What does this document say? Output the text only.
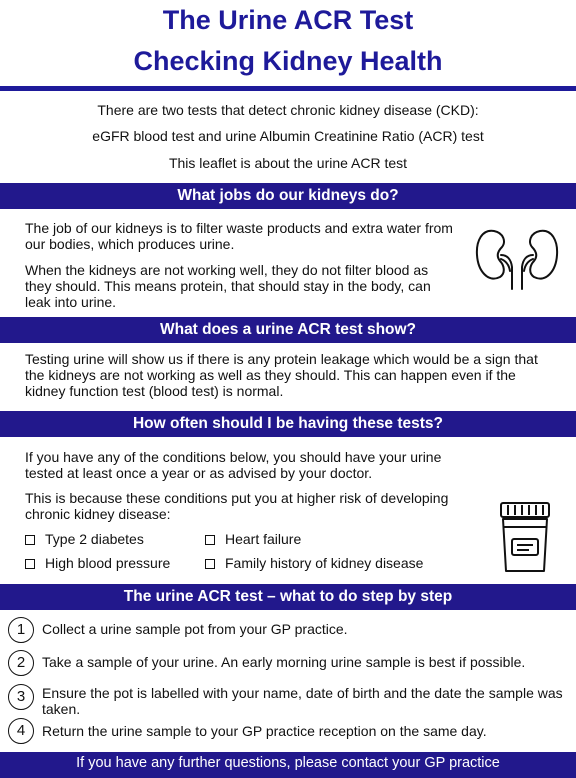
The Urine ACR Test
Checking Kidney Health
There are two tests that detect chronic kidney disease (CKD):
eGFR blood test and urine Albumin Creatinine Ratio (ACR) test
This leaflet is about the urine ACR test
What jobs do our kidneys do?
The job of our kidneys is to filter waste products and extra water from our bodies, which produces urine.
When the kidneys are not working well, they do not filter blood as they should. This means protein, that should stay in the body, can leak into urine.
What does a urine ACR test show?
Testing urine will show us if there is any protein leakage which would be a sign that the kidneys are not working as well as they should. This can happen even if the kidney function test (blood test) is normal.
How often should I be having these tests?
If you have any of the conditions below, you should have your urine tested at least once a year or as advised by your doctor.
This is because these conditions put you at higher risk of developing chronic kidney disease:
Type 2 diabetes	Heart failure
High blood pressure	Family history of kidney disease
The urine ACR test – what to do step by step
1	Collect a urine sample pot from your GP practice.
2	Take a sample of your urine. An early morning urine sample is best if possible.
3	Ensure the pot is labelled with your name, date of birth and the date the sample was taken.
4	Return the urine sample to your GP practice reception on the same day.
If you have any further questions, please contact your GP practice
